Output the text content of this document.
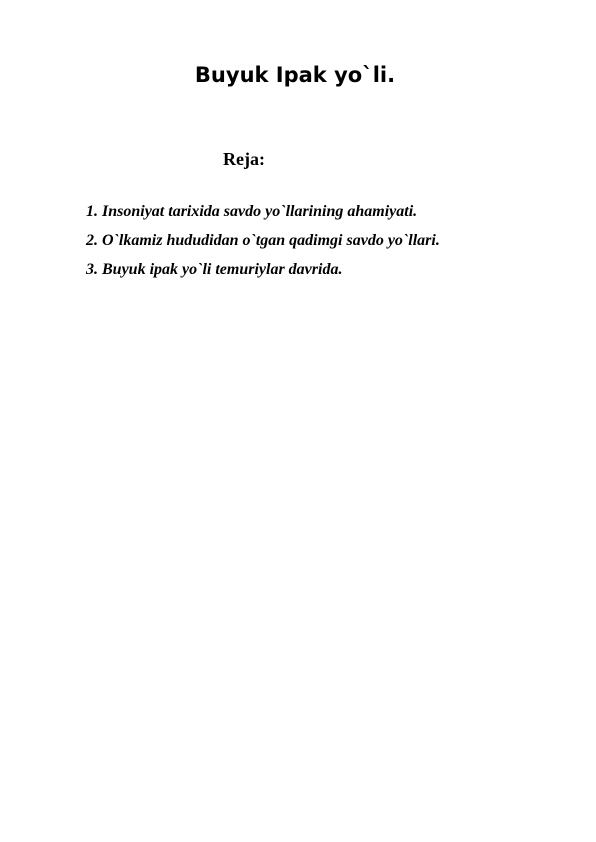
Buyuk Ipak yo`li.

Reja:

1. Insoniyat tarixida savdo yo`llarining ahamiyati.
2. O`lkamiz hududidan o`tgan qadimgi savdo yo`llari.
3. Buyuk ipak yo`li temuriylar davrida.
